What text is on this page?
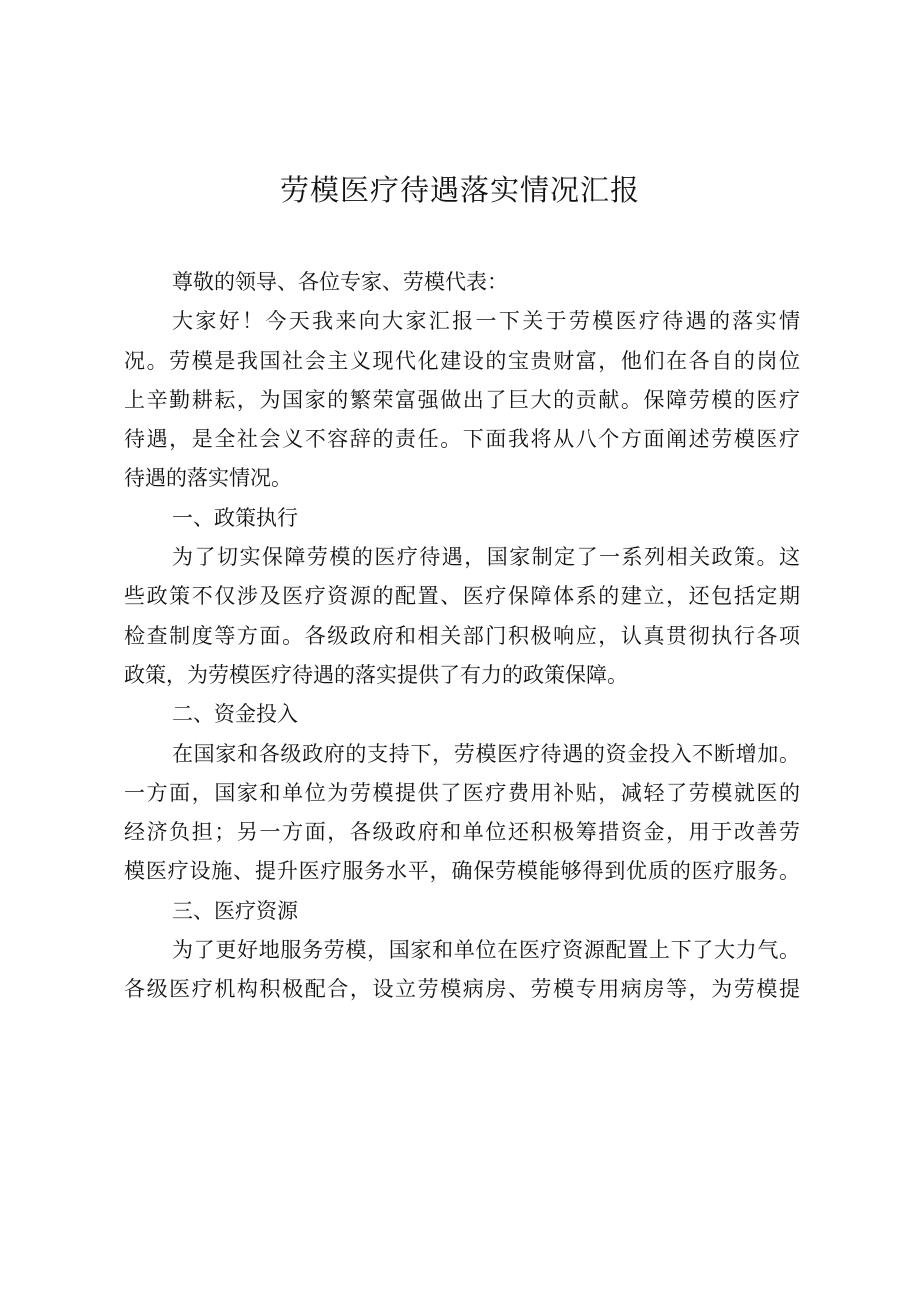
劳模医疗待遇落实情况汇报
尊敬的领导、各位专家、劳模代表：
大家好！今天我来向大家汇报一下关于劳模医疗待遇的落实情
况。劳模是我国社会主义现代化建设的宝贵财富，他们在各自的岗位
上辛勤耕耘，为国家的繁荣富强做出了巨大的贡献。保障劳模的医疗
待遇，是全社会义不容辞的责任。下面我将从八个方面阐述劳模医疗
待遇的落实情况。
一、政策执行
为了切实保障劳模的医疗待遇，国家制定了一系列相关政策。这
些政策不仅涉及医疗资源的配置、医疗保障体系的建立，还包括定期
检查制度等方面。各级政府和相关部门积极响应，认真贯彻执行各项
政策，为劳模医疗待遇的落实提供了有力的政策保障。
二、资金投入
在国家和各级政府的支持下，劳模医疗待遇的资金投入不断增加。
一方面，国家和单位为劳模提供了医疗费用补贴，减轻了劳模就医的
经济负担；另一方面，各级政府和单位还积极筹措资金，用于改善劳
模医疗设施、提升医疗服务水平，确保劳模能够得到优质的医疗服务。
三、医疗资源
为了更好地服务劳模，国家和单位在医疗资源配置上下了大力气。
各级医疗机构积极配合，设立劳模病房、劳模专用病房等，为劳模提
